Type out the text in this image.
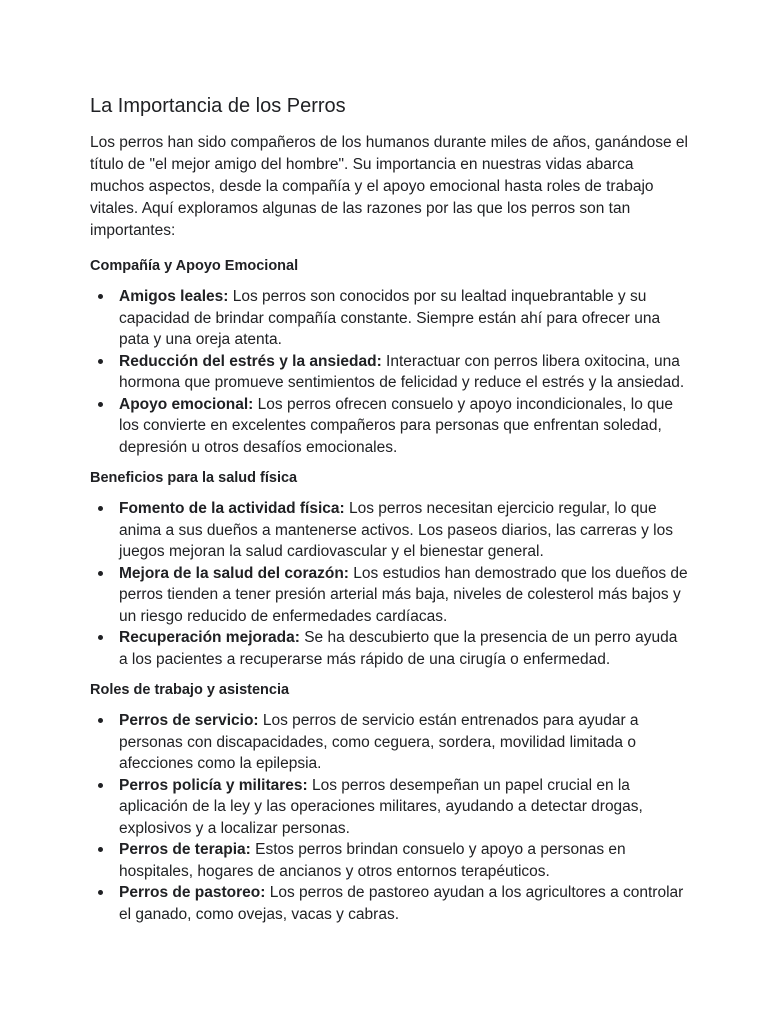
La Importancia de los Perros

Los perros han sido compañeros de los humanos durante miles de años, ganándose el título de "el mejor amigo del hombre". Su importancia en nuestras vidas abarca muchos aspectos, desde la compañía y el apoyo emocional hasta roles de trabajo vitales. Aquí exploramos algunas de las razones por las que los perros son tan importantes:

Compañía y Apoyo Emocional
Amigos leales: Los perros son conocidos por su lealtad inquebrantable y su capacidad de brindar compañía constante. Siempre están ahí para ofrecer una pata y una oreja atenta.
Reducción del estrés y la ansiedad: Interactuar con perros libera oxitocina, una hormona que promueve sentimientos de felicidad y reduce el estrés y la ansiedad.
Apoyo emocional: Los perros ofrecen consuelo y apoyo incondicionales, lo que los convierte en excelentes compañeros para personas que enfrentan soledad, depresión u otros desafíos emocionales.
Beneficios para la salud física
Fomento de la actividad física: Los perros necesitan ejercicio regular, lo que anima a sus dueños a mantenerse activos. Los paseos diarios, las carreras y los juegos mejoran la salud cardiovascular y el bienestar general.
Mejora de la salud del corazón: Los estudios han demostrado que los dueños de perros tienden a tener presión arterial más baja, niveles de colesterol más bajos y un riesgo reducido de enfermedades cardíacas.
Recuperación mejorada: Se ha descubierto que la presencia de un perro ayuda a los pacientes a recuperarse más rápido de una cirugía o enfermedad.
Roles de trabajo y asistencia
Perros de servicio: Los perros de servicio están entrenados para ayudar a personas con discapacidades, como ceguera, sordera, movilidad limitada o afecciones como la epilepsia.
Perros policía y militares: Los perros desempeñan un papel crucial en la aplicación de la ley y las operaciones militares, ayudando a detectar drogas, explosivos y a localizar personas.
Perros de terapia: Estos perros brindan consuelo y apoyo a personas en hospitales, hogares de ancianos y otros entornos terapéuticos.
Perros de pastoreo: Los perros de pastoreo ayudan a los agricultores a controlar el ganado, como ovejas, vacas y cabras.
